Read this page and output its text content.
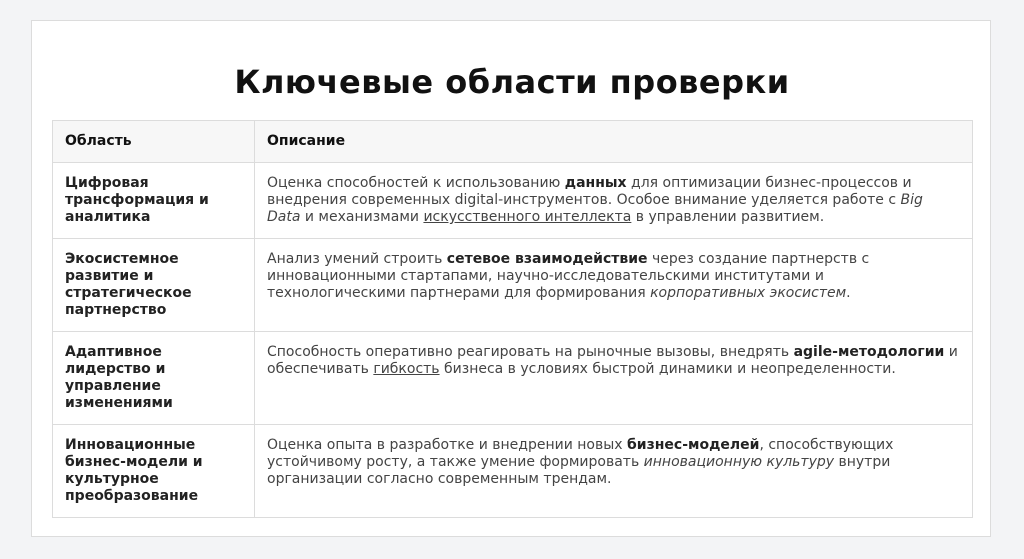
Ключевые области проверки
Область	Описание
Цифровая трансформация и аналитика	Оценка способностей к использованию данных для оптимизации бизнес-процессов и внедрения современных digital-инструментов. Особое внимание уделяется работе с Big Data и механизмами искусственного интеллекта в управлении развитием.
Экосистемное развитие и стратегическое партнерство	Анализ умений строить сетевое взаимодействие через создание партнерств с инновационными стартапами, научно-исследовательскими институтами и технологическими партнерами для формирования корпоративных экосистем.
Адаптивное лидерство и управление изменениями	Способность оперативно реагировать на рыночные вызовы, внедрять agile-методологии и обеспечивать гибкость бизнеса в условиях быстрой динамики и неопределенности.
Инновационные бизнес-модели и культурное преобразование	Оценка опыта в разработке и внедрении новых бизнес-моделей, способствующих устойчивому росту, а также умение формировать инновационную культуру внутри организации согласно современным трендам.
